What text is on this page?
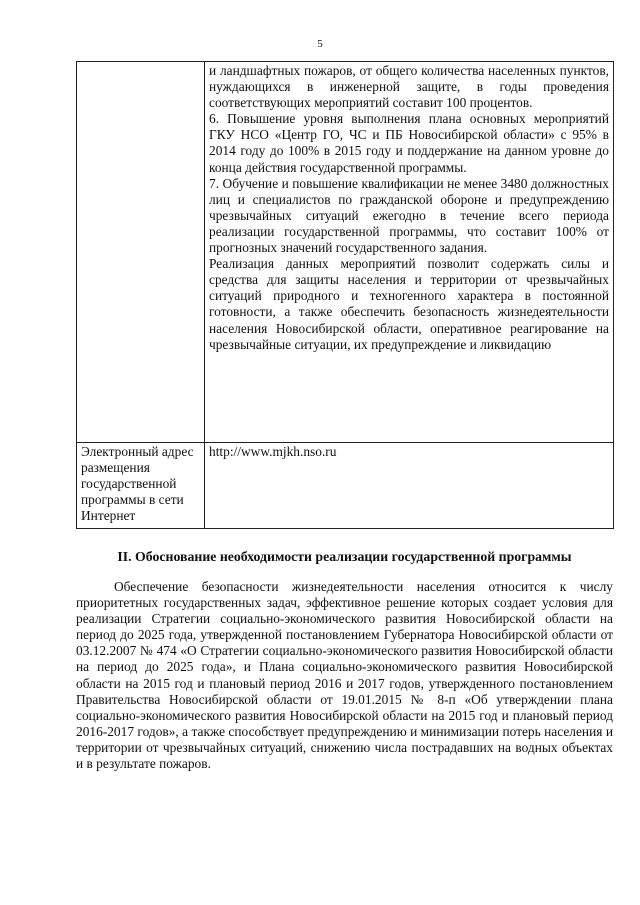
5

	и ландшафтных пожаров, от общего количества населенных пунктов, нуждающихся в инженерной защите, в годы проведения соответствующих мероприятий составит 100 процентов.

6. Повышение уровня выполнения плана основных мероприятий ГКУ НСО «Центр ГО, ЧС и ПБ Новосибирской области» с 95% в 2014 году до 100% в 2015 году и поддержание на данном уровне до конца действия государственной программы.

7. Обучение и повышение квалификации не менее 3480 должностных лиц и специалистов по гражданской обороне и предупреждению чрезвычайных ситуаций ежегодно в течение всего периода реализации государственной программы, что составит 100% от прогнозных значений государственного задания.

Реализация данных мероприятий позволит содержать силы и средства для защиты населения и территории от чрезвычайных ситуаций природного и техногенного характера в постоянной готовности, а также обеспечить безопасность жизнедеятельности населения Новосибирской области, оперативное реагирование на чрезвычайные ситуации, их предупреждение и ликвидацию

Электронный адрес размещения государственной программы в сети Интернет	http://www.mjkh.nso.ru
II. Обоснование необходимости реализации государственной программы

Обеспечение безопасности жизнедеятельности населения относится к числу приоритетных государственных задач, эффективное решение которых создает условия для реализации Стратегии социально-экономического развития Новосибирской области на период до 2025 года, утвержденной постановлением Губернатора Новосибирской области от 03.12.2007 № 474 «О Стратегии социально-экономического развития Новосибирской области на период до 2025 года», и Плана социально-экономического развития Новосибирской области на 2015 год и плановый период 2016 и 2017 годов, утвержденного постановлением Правительства Новосибирской области от 19.01.2015 № 8-п «Об утверждении плана социально-экономического развития Новосибирской области на 2015 год и плановый период 2016-2017 годов», а также способствует предупреждению и минимизации потерь населения и территории от чрезвычайных ситуаций, снижению числа пострадавших на водных объектах и в результате пожаров.
